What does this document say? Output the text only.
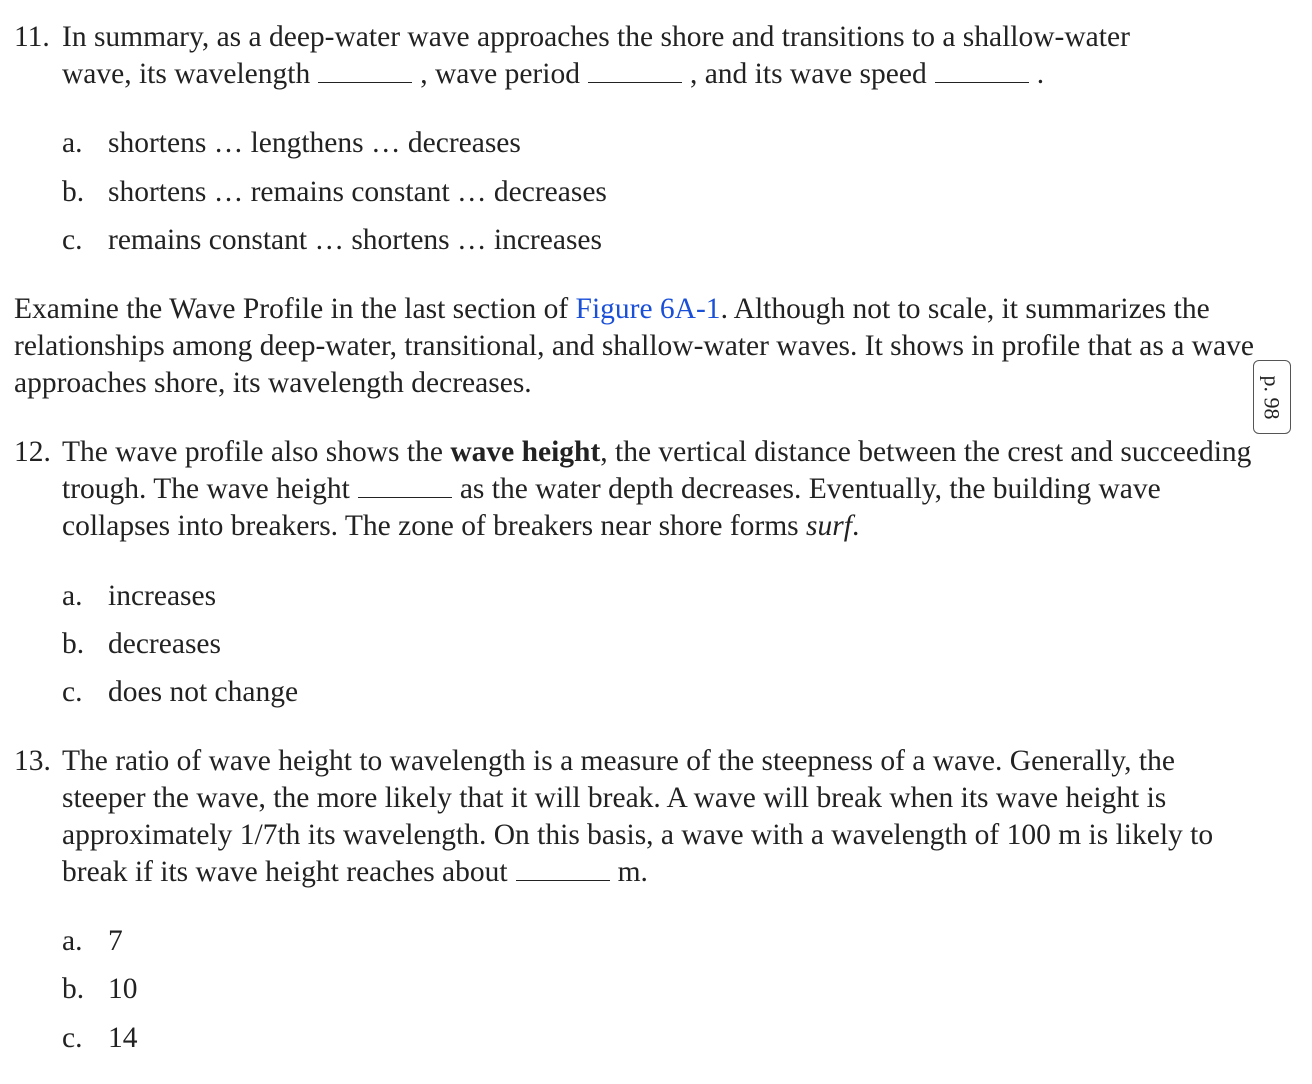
11. In summary, as a deep-water wave approaches the shore and transitions to a shallow-water
wave, its wavelength	, wave period	, and its wave speed	.
a. shortens … lengthens … decreases
b. shortens … remains constant … decreases
c. remains constant … shortens … increases
Examine the Wave Profile in the last section of Figure 6A-1. Although not to scale, it summarizes the relationships among deep-water, transitional, and shallow-water waves. It shows in profile that as a wave approaches shore, its wavelength decreases.	p. 98
12. The wave profile also shows the wave height, the vertical distance between the crest and succeeding trough. The wave height	as the water depth decreases. Eventually, the building wave collapses into breakers. The zone of breakers near shore forms surf.
a. increases
b. decreases
c. does not change
13. The ratio of wave height to wavelength is a measure of the steepness of a wave. Generally, the steeper the wave, the more likely that it will break. A wave will break when its wave height is approximately 1/7th its wavelength. On this basis, a wave with a wavelength of 100 m is likely to break if its wave height reaches about	m.
a. 7
b. 10
c. 14
